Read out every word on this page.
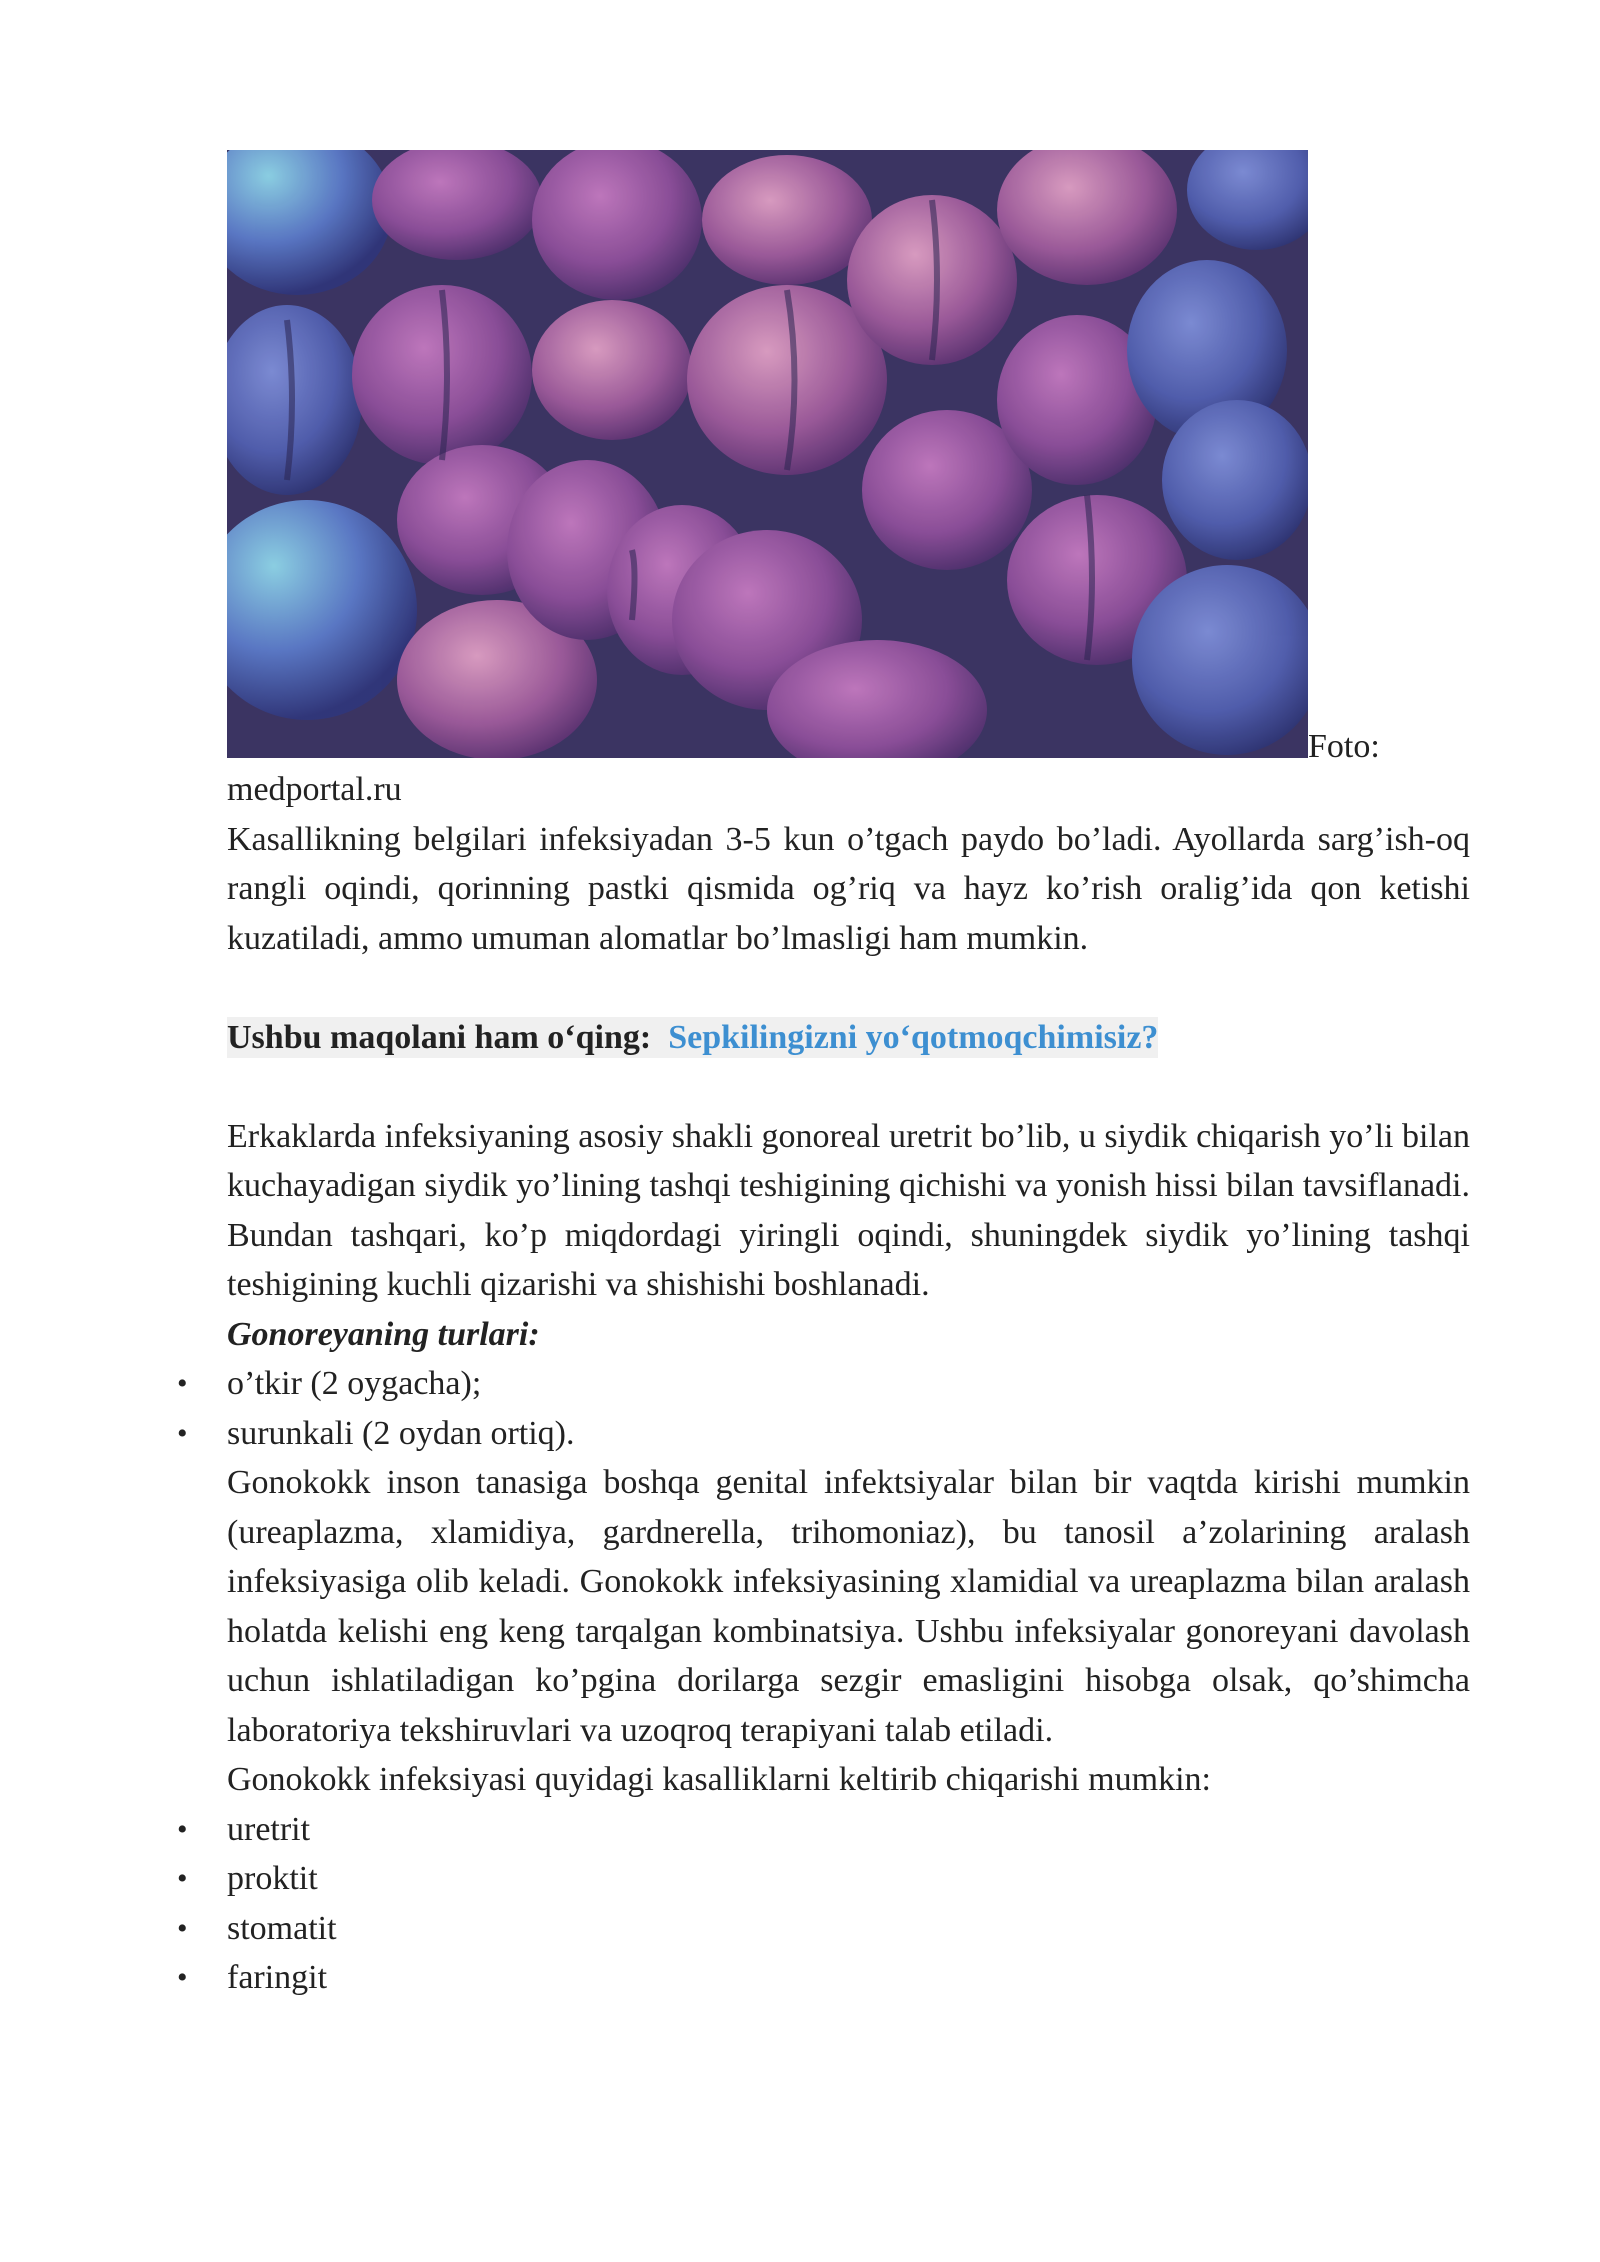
Foto:
medportal.ru

Kasallikning belgilari infeksiyadan 3-5 kun o’tgach paydo bo’ladi. Ayollarda sarg’ish-oq rangli oqindi, qorinning pastki qismida og’riq va hayz ko’rish oralig’ida qon ketishi kuzatiladi, ammo umuman alomatlar bo’lmasligi ham mumkin.

Ushbu maqolani ham o‘qing: Sepkilingizni yo‘qotmoqchimisiz?

Erkaklarda infeksiyaning asosiy shakli gonoreal uretrit bo’lib, u siydik chiqarish yo’li bilan kuchayadigan siydik yo’lining tashqi teshigining qichishi va yonish hissi bilan tavsiflanadi. Bundan tashqari, ko’p miqdordagi yiringli oqindi, shuningdek siydik yo’lining tashqi teshigining kuchli qizarishi va shishishi boshlanadi.

Gonoreyaning turlari:

• o’tkir (2 oygacha);
• surunkali (2 oydan ortiq).

Gonokokk inson tanasiga boshqa genital infektsiyalar bilan bir vaqtda kirishi mumkin (ureaplazma, xlamidiya, gardnerella, trihomoniaz), bu tanosil a’zolarining aralash infeksiyasiga olib keladi. Gonokokk infeksiyasining xlamidial va ureaplazma bilan aralash holatda kelishi eng keng tarqalgan kombinatsiya. Ushbu infeksiyalar gonoreyani davolash uchun ishlatiladigan ko’pgina dorilarga sezgir emasligini hisobga olsak, qo’shimcha laboratoriya tekshiruvlari va uzoqroq terapiyani talab etiladi.

Gonokokk infeksiyasi quyidagi kasalliklarni keltirib chiqarishi mumkin:

• uretrit
• proktit
• stomatit
• faringit
